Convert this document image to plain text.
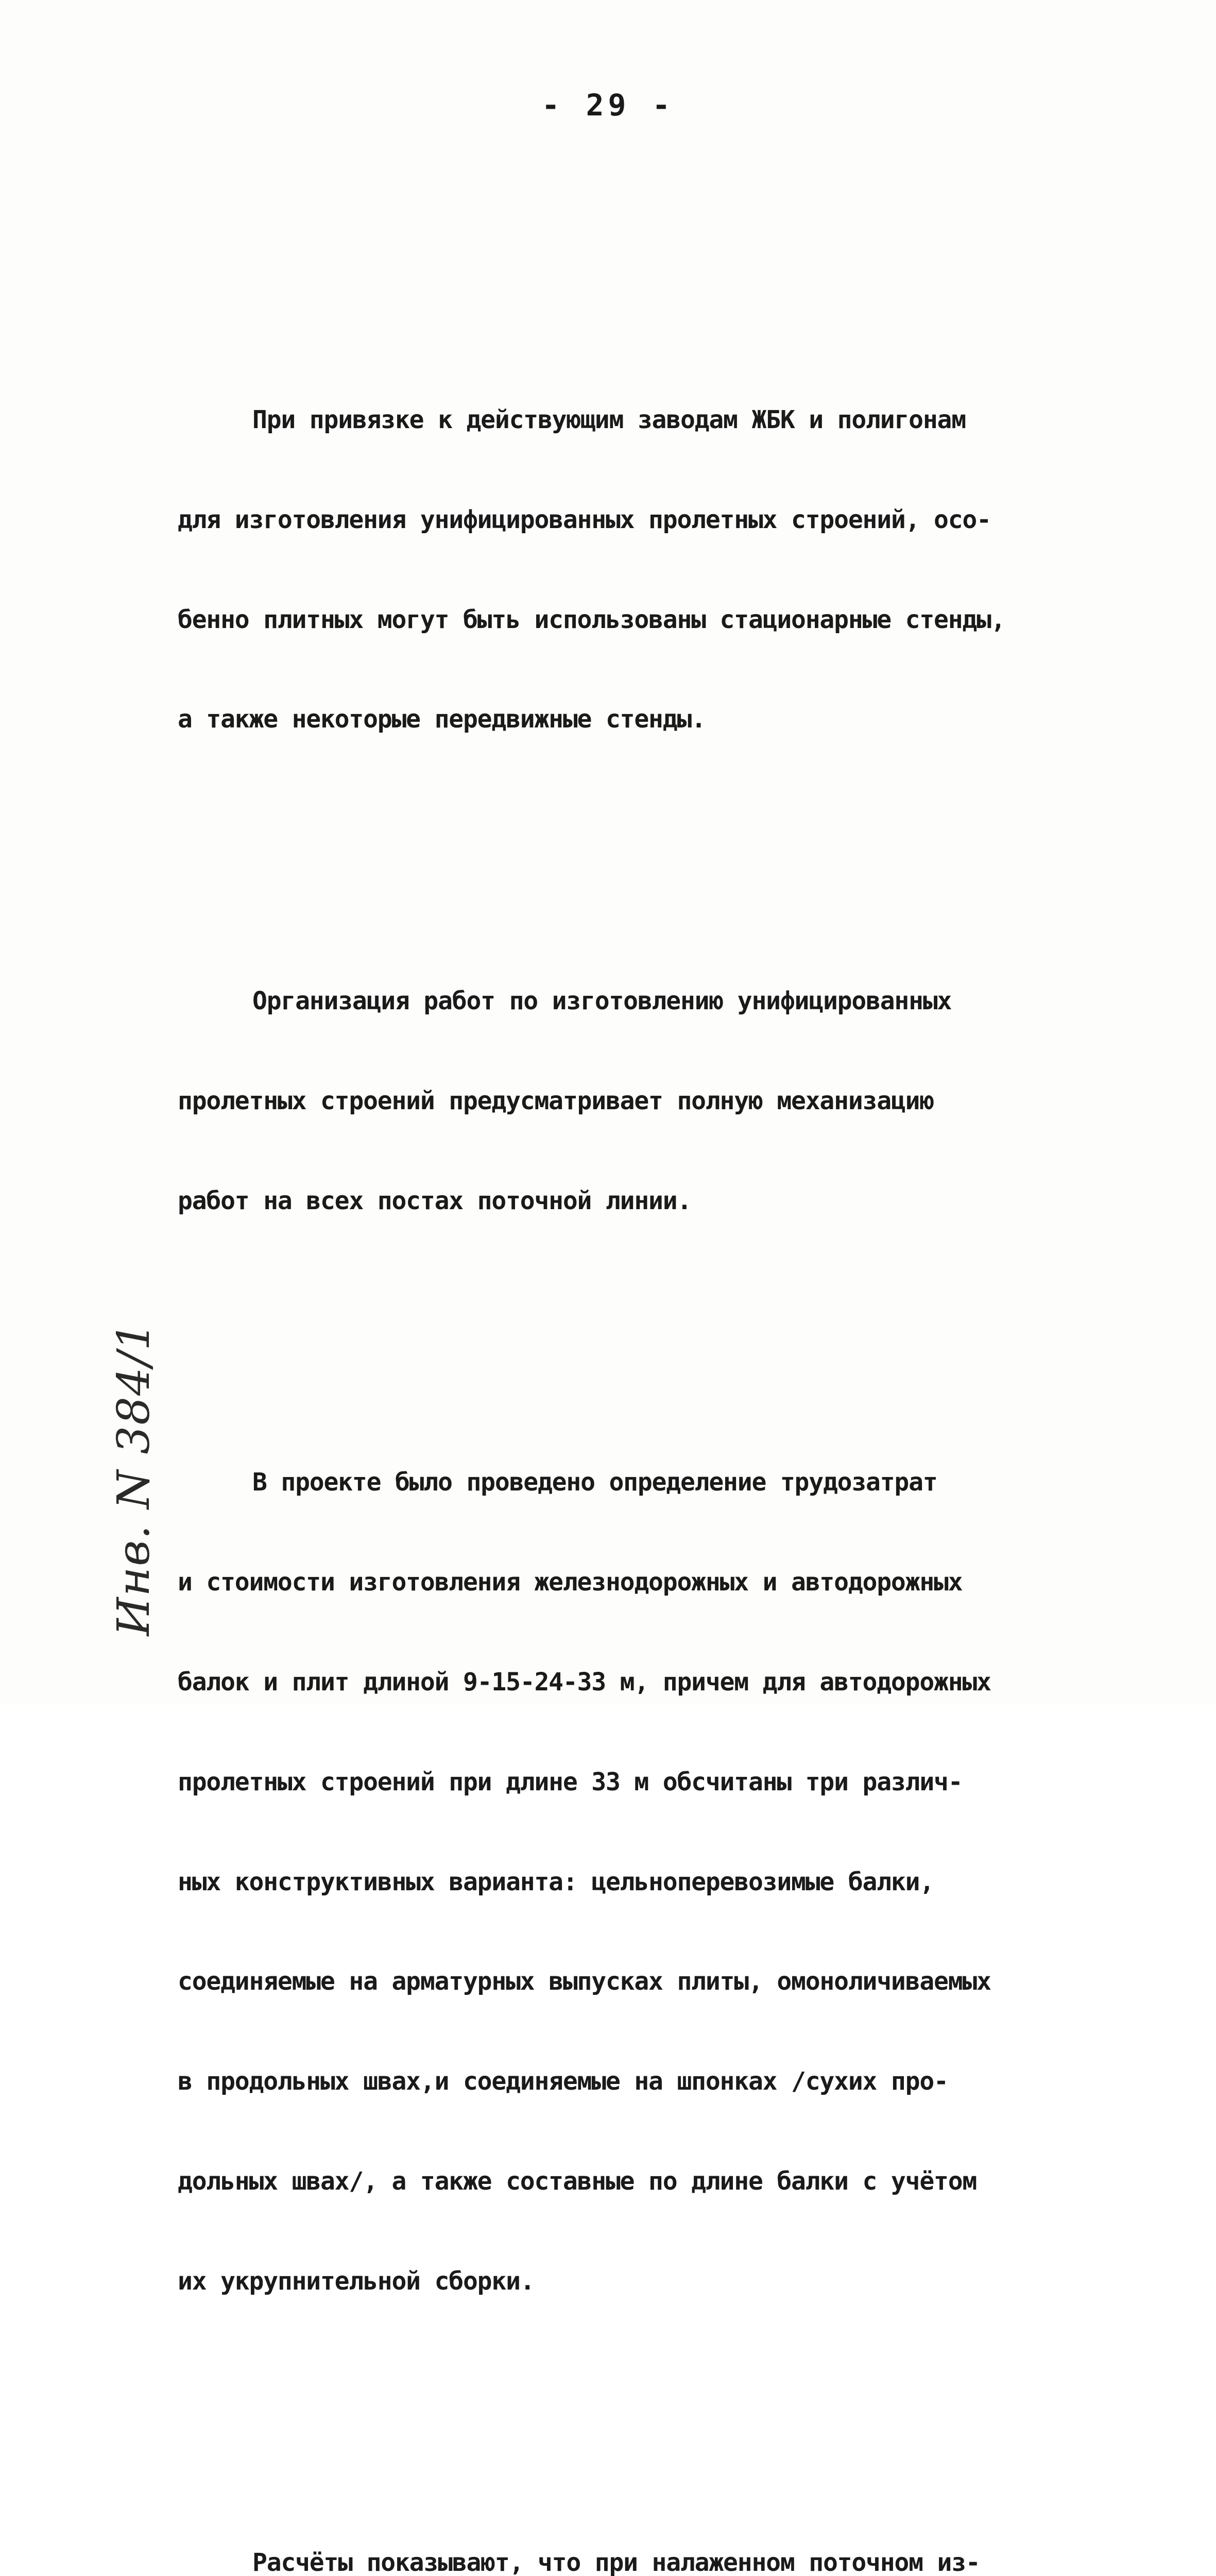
- 29 -

При привязке к действующим заводам ЖБК и полигонам

для изготовления унифицированных пролетных строений, осо-

бенно плитных могут быть использованы стационарные стенды,

а также некоторые передвижные стенды.

Организация работ по изготовлению унифицированных

пролетных строений предусматривает полную механизацию

работ на всех постах поточной линии.

В проекте было проведено определение трудозатрат

и стоимости изготовления железнодорожных и автодорожных

балок и плит длиной 9-15-24-33 м, причем для автодорожных

пролетных строений при длине 33 м обсчитаны три различ-

ных конструктивных варианта: цельноперевозимые балки,

соединяемые на арматурных выпусках плиты, омоноличиваемых

в продольных швах,и соединяемые на шпонках /сухих про-

дольных швах/, а также составные по длине балки с учётом

их укрупнительной сборки.

Расчёты показывают, что при налаженном поточном из-

Инв. N 384/1
